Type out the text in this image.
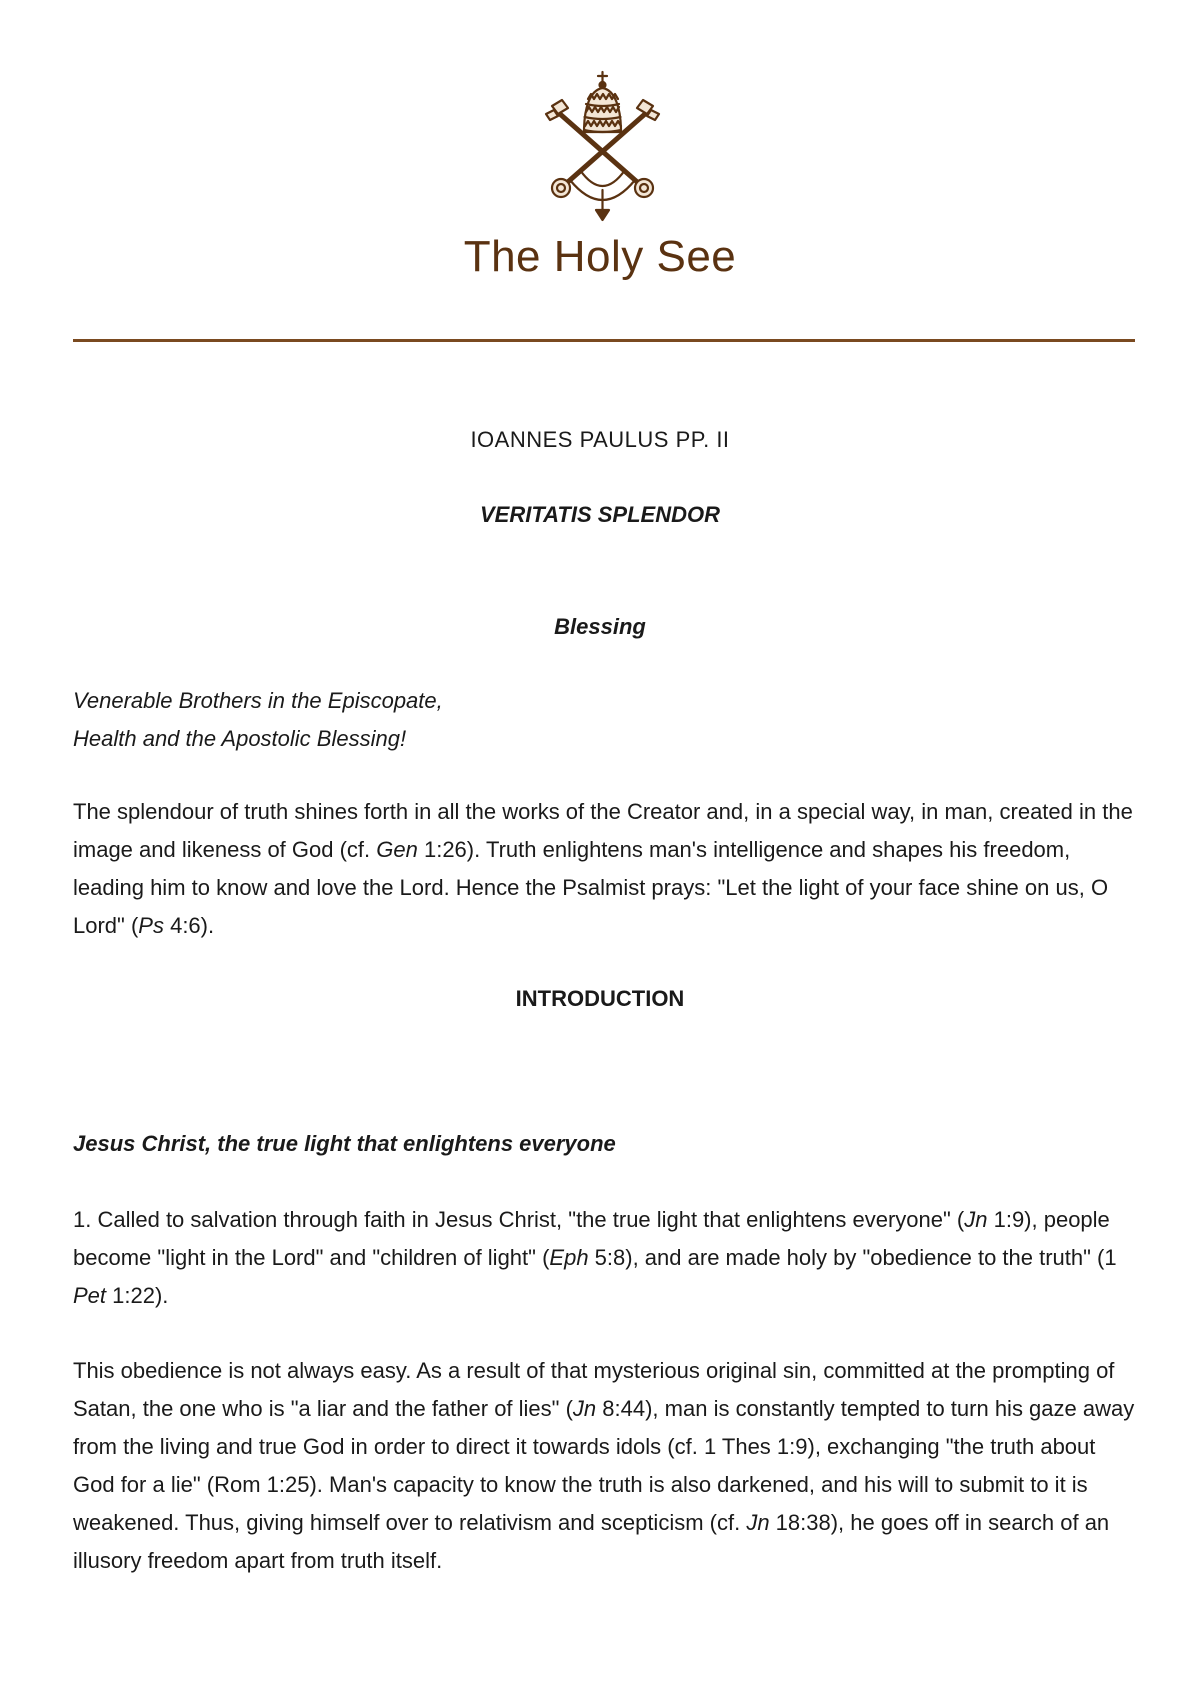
The Holy See
IOANNES PAULUS PP. II
VERITATIS SPLENDOR
Blessing
Venerable Brothers in the Episcopate,
Health and the Apostolic Blessing!

The splendour of truth shines forth in all the works of the Creator and, in a special way, in man, created in the image and likeness of God (cf. Gen 1:26). Truth enlightens man's intelligence and shapes his freedom, leading him to know and love the Lord. Hence the Psalmist prays: "Let the light of your face shine on us, O Lord" (Ps 4:6).

INTRODUCTION
Jesus Christ, the true light that enlightens everyone

1. Called to salvation through faith in Jesus Christ, "the true light that enlightens everyone" (Jn 1:9), people become "light in the Lord" and "children of light" (Eph 5:8), and are made holy by "obedience to the truth" (1 Pet 1:22).

This obedience is not always easy. As a result of that mysterious original sin, committed at the prompting of Satan, the one who is "a liar and the father of lies" (Jn 8:44), man is constantly tempted to turn his gaze away from the living and true God in order to direct it towards idols (cf. 1 Thes 1:9), exchanging "the truth about God for a lie" (Rom 1:25). Man's capacity to know the truth is also darkened, and his will to submit to it is weakened. Thus, giving himself over to relativism and scepticism (cf. Jn 18:38), he goes off in search of an illusory freedom apart from truth itself.
